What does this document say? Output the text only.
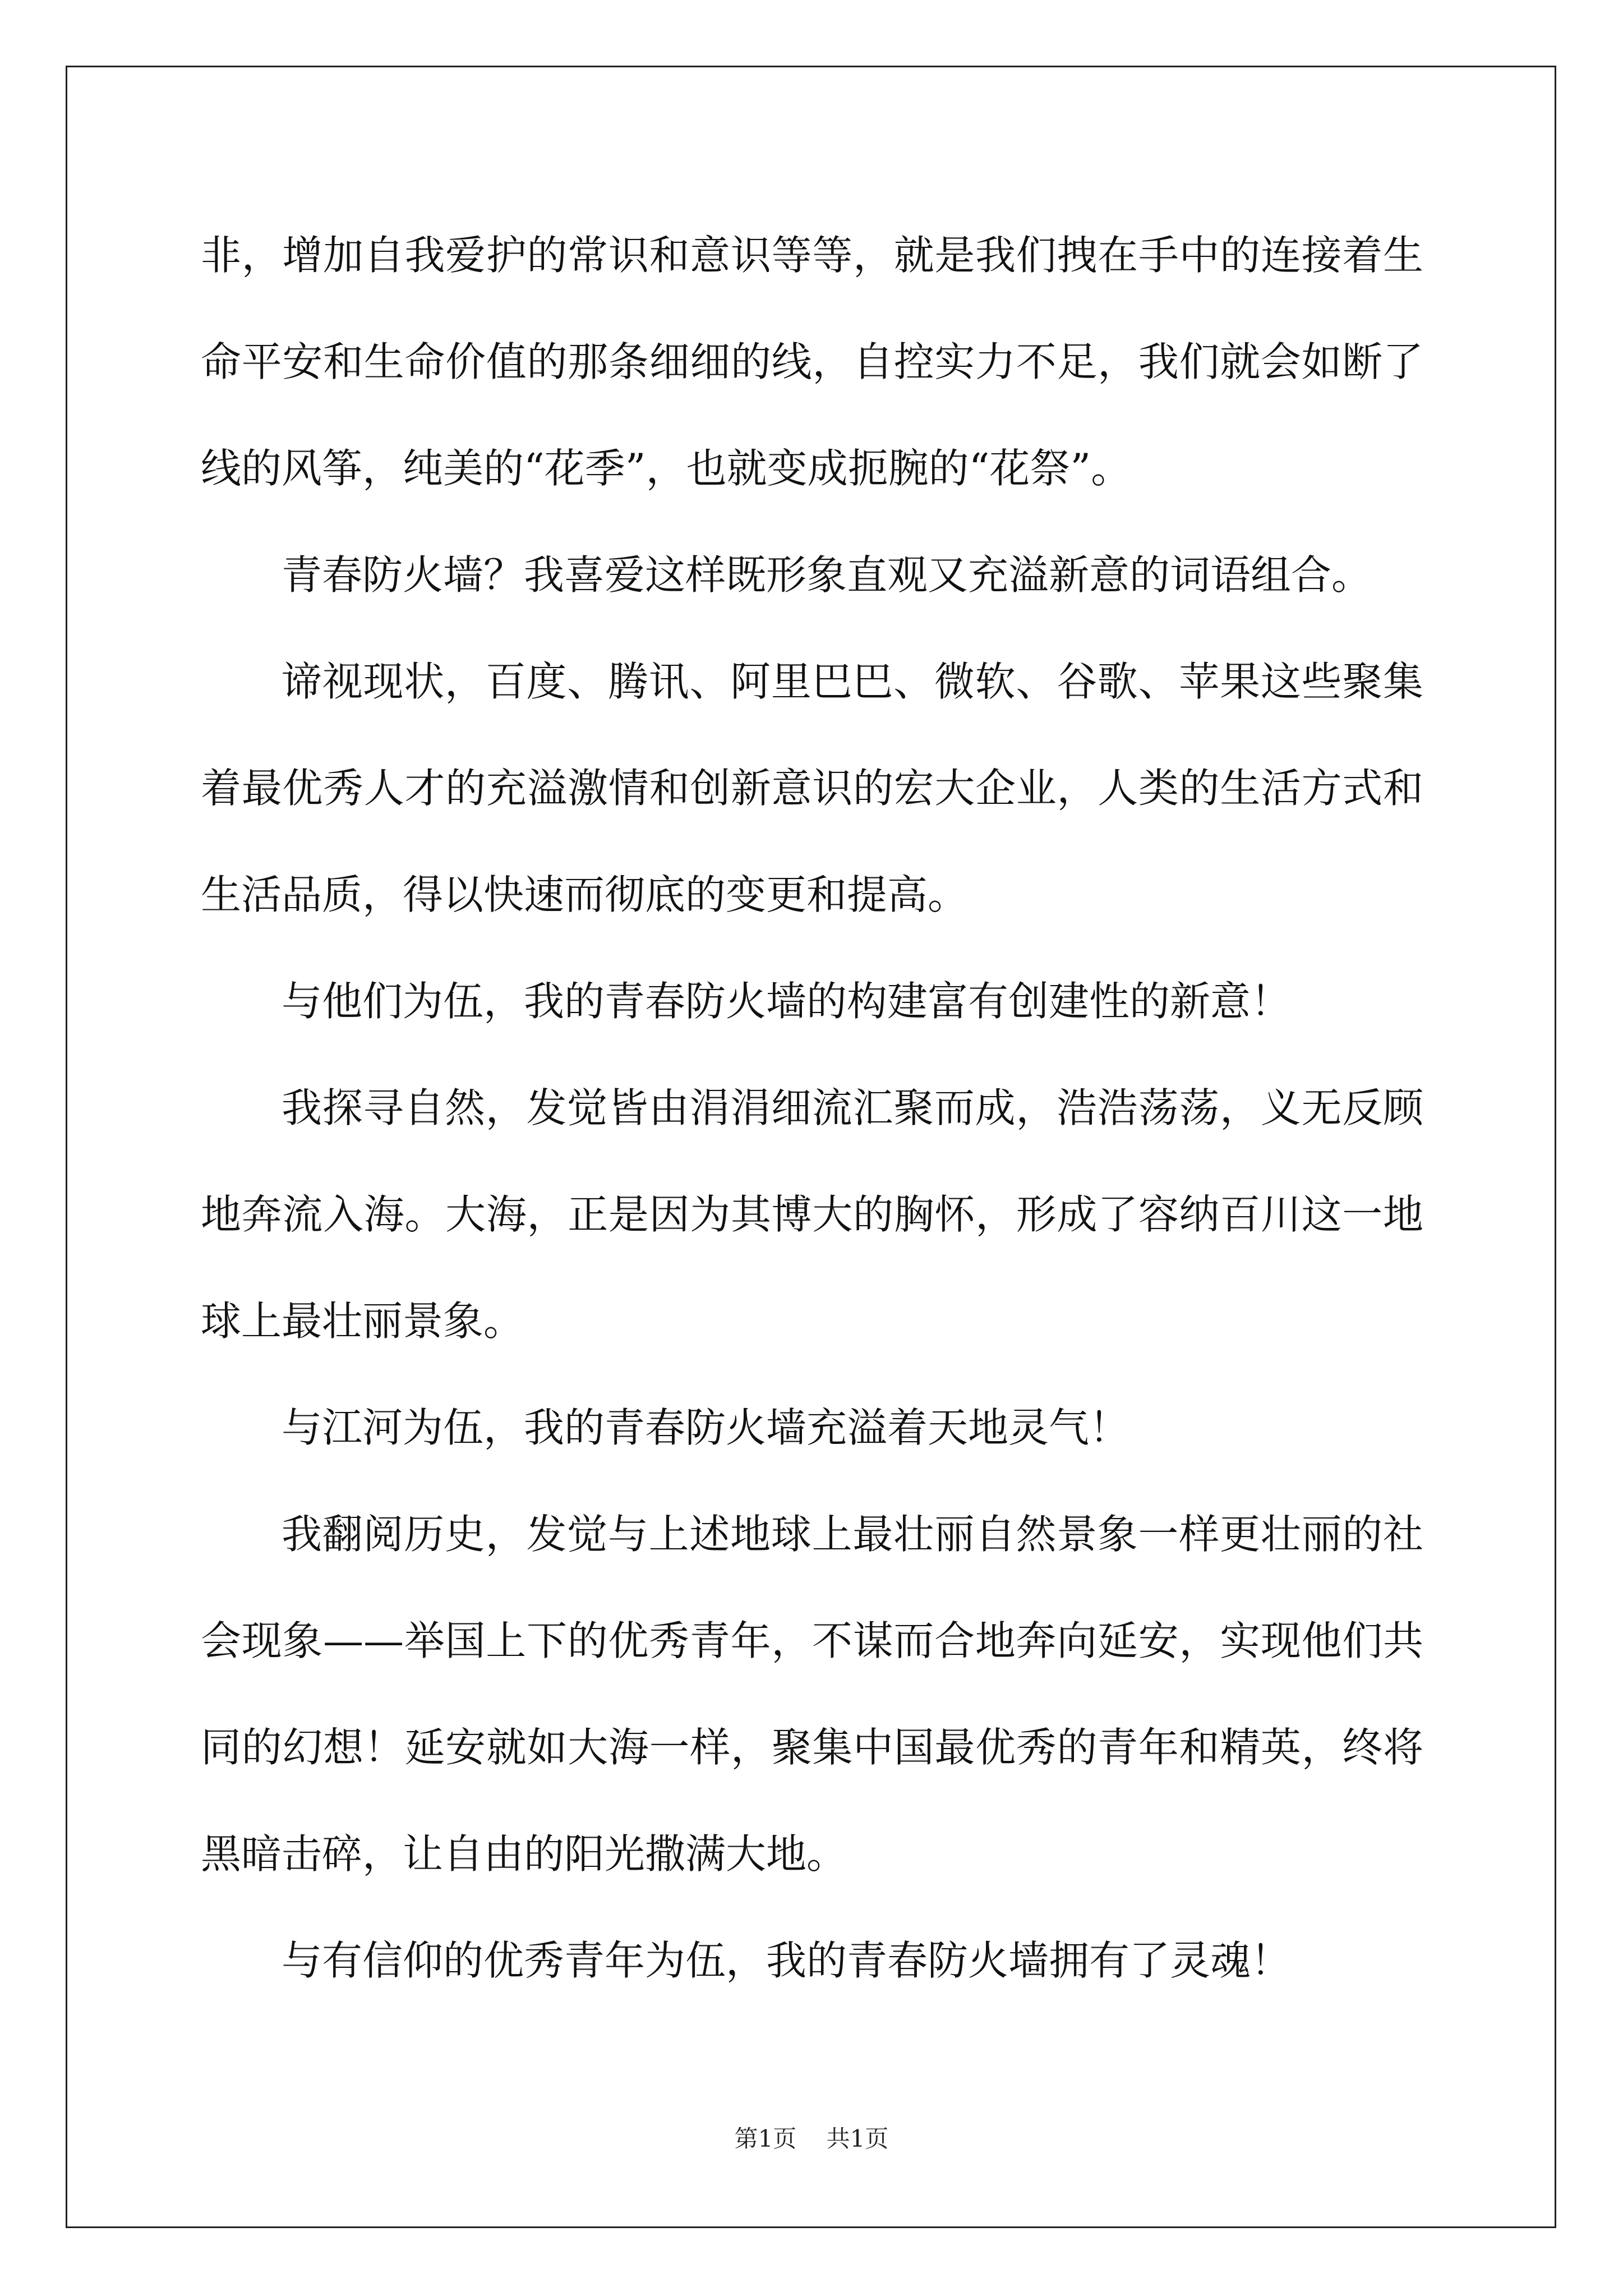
非，增加自我爱护的常识和意识等等，就是我们拽在手中的连接着生命平安和生命价值的那条细细的线，自控实力不足，我们就会如断了线的风筝，纯美的“花季”，也就变成扼腕的“花祭”。

青春防火墙？我喜爱这样既形象直观又充溢新意的词语组合。

谛视现状，百度、腾讯、阿里巴巴、微软、谷歌、苹果这些聚集着最优秀人才的充溢激情和创新意识的宏大企业，人类的生活方式和生活品质，得以快速而彻底的变更和提高。

与他们为伍，我的青春防火墙的构建富有创建性的新意！

我探寻自然，发觉皆由涓涓细流汇聚而成，浩浩荡荡，义无反顾地奔流入海。大海，正是因为其博大的胸怀，形成了容纳百川这一地球上最壮丽景象。

与江河为伍，我的青春防火墙充溢着天地灵气！

我翻阅历史，发觉与上述地球上最壮丽自然景象一样更壮丽的社会现象——举国上下的优秀青年，不谋而合地奔向延安，实现他们共同的幻想！延安就如大海一样，聚集中国最优秀的青年和精英，终将黑暗击碎，让自由的阳光撒满大地。

与有信仰的优秀青年为伍，我的青春防火墙拥有了灵魂！

第1页 共1页
